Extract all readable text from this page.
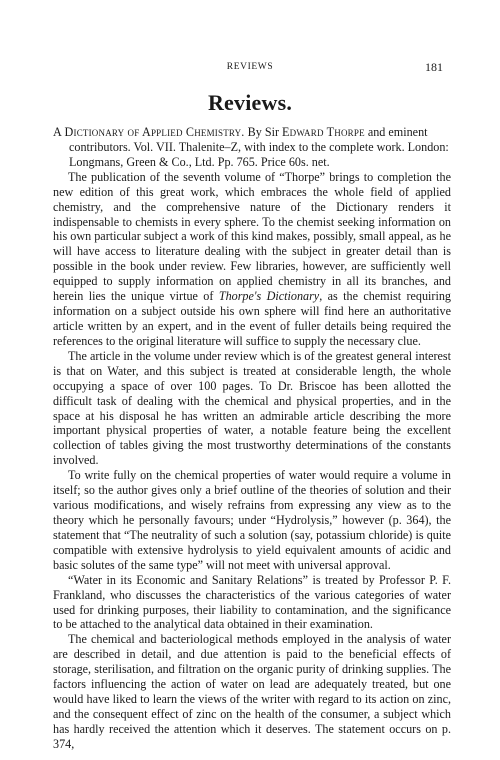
REVIEWS	181
Reviews.

A Dictionary of Applied Chemistry. By Sir Edward Thorpe and eminent contributors. Vol. VII. Thalenite–Z, with index to the complete work. London: Longmans, Green & Co., Ltd. Pp. 765. Price 60s. net.

The publication of the seventh volume of “Thorpe” brings to completion the new edition of this great work, which embraces the whole field of applied chemistry, and the comprehensive nature of the Dictionary renders it indispensable to chemists in every sphere. To the chemist seeking information on his own particular subject a work of this kind makes, possibly, small appeal, as he will have access to literature dealing with the subject in greater detail than is possible in the book under review. Few libraries, however, are sufficiently well equipped to supply information on applied chemistry in all its branches, and herein lies the unique virtue of Thorpe's Dictionary, as the chemist requiring information on a subject outside his own sphere will find here an authoritative article written by an expert, and in the event of fuller details being required the references to the original literature will suffice to supply the necessary clue.

The article in the volume under review which is of the greatest general interest is that on Water, and this subject is treated at considerable length, the whole occupying a space of over 100 pages. To Dr. Briscoe has been allotted the difficult task of dealing with the chemical and physical properties, and in the space at his disposal he has written an admirable article describing the more important physical properties of water, a notable feature being the excellent collection of tables giving the most trustworthy determinations of the constants involved.

To write fully on the chemical properties of water would require a volume in itself; so the author gives only a brief outline of the theories of solution and their various modifications, and wisely refrains from expressing any view as to the theory which he personally favours; under “Hydrolysis,” however (p. 364), the statement that “The neutrality of such a solution (say, potassium chloride) is quite compatible with extensive hydrolysis to yield equivalent amounts of acidic and basic solutes of the same type” will not meet with universal approval.

“Water in its Economic and Sanitary Relations” is treated by Professor P. F. Frankland, who discusses the characteristics of the various categories of water used for drinking purposes, their liability to contamination, and the significance to be attached to the analytical data obtained in their examination.

The chemical and bacteriological methods employed in the analysis of water are described in detail, and due attention is paid to the beneficial effects of storage, sterilisation, and filtration on the organic purity of drinking supplies. The factors influencing the action of water on lead are adequately treated, but one would have liked to learn the views of the writer with regard to its action on zinc, and the consequent effect of zinc on the health of the consumer, a subject which has hardly received the attention which it deserves. The statement occurs on p. 374,
